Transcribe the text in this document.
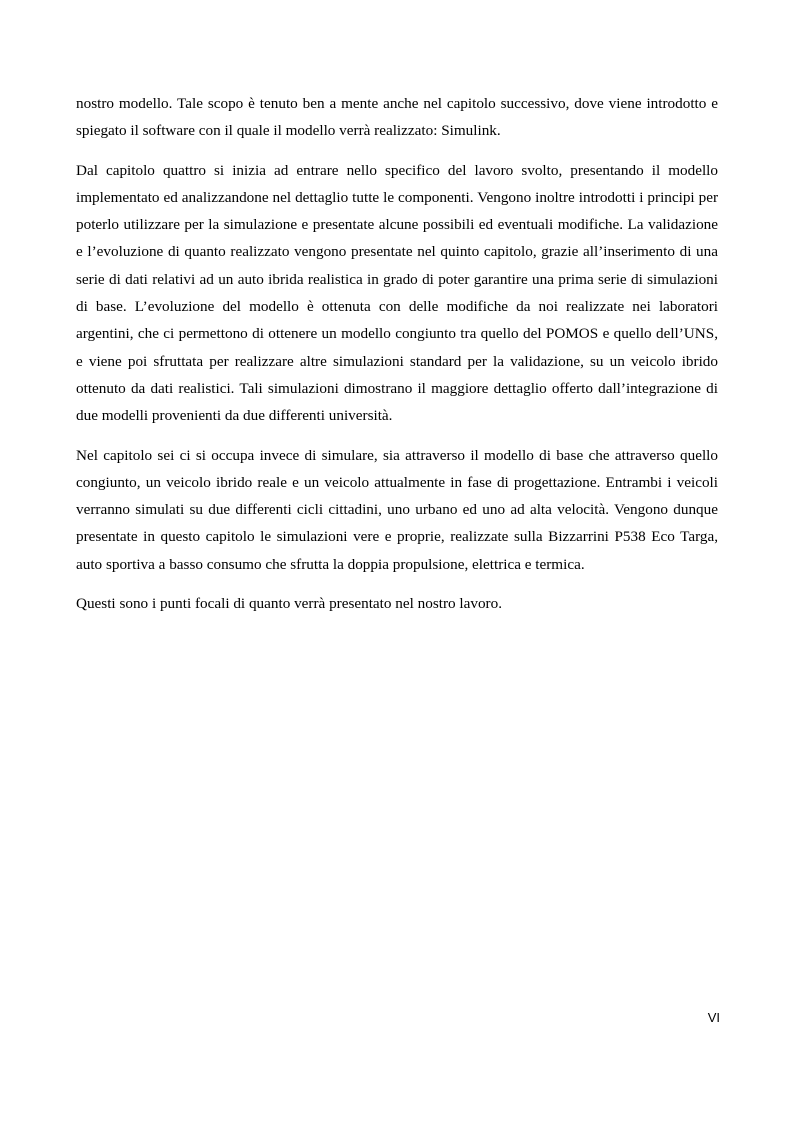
nostro modello. Tale scopo è tenuto ben a mente anche nel capitolo successivo, dove viene introdotto e spiegato il software con il quale il modello verrà realizzato: Simulink.

Dal capitolo quattro si inizia ad entrare nello specifico del lavoro svolto, presentando il modello implementato ed analizzandone nel dettaglio tutte le componenti. Vengono inoltre introdotti i principi per poterlo utilizzare per la simulazione e presentate alcune possibili ed eventuali modifiche. La validazione e l’evoluzione di quanto realizzato vengono presentate nel quinto capitolo, grazie all’inserimento di una serie di dati relativi ad un auto ibrida realistica in grado di poter garantire una prima serie di simulazioni di base. L’evoluzione del modello è ottenuta con delle modifiche da noi realizzate nei laboratori argentini, che ci permettono di ottenere un modello congiunto tra quello del POMOS e quello dell’UNS, e viene poi sfruttata per realizzare altre simulazioni standard per la validazione, su un veicolo ibrido ottenuto da dati realistici. Tali simulazioni dimostrano il maggiore dettaglio offerto dall’integrazione di due modelli provenienti da due differenti università.

Nel capitolo sei ci si occupa invece di simulare, sia attraverso il modello di base che attraverso quello congiunto, un veicolo ibrido reale e un veicolo attualmente in fase di progettazione. Entrambi i veicoli verranno simulati su due differenti cicli cittadini, uno urbano ed uno ad alta velocità. Vengono dunque presentate in questo capitolo le simulazioni vere e proprie, realizzate sulla Bizzarrini P538 Eco Targa, auto sportiva a basso consumo che sfrutta la doppia propulsione, elettrica e termica.

Questi sono i punti focali di quanto verrà presentato nel nostro lavoro.

VI
